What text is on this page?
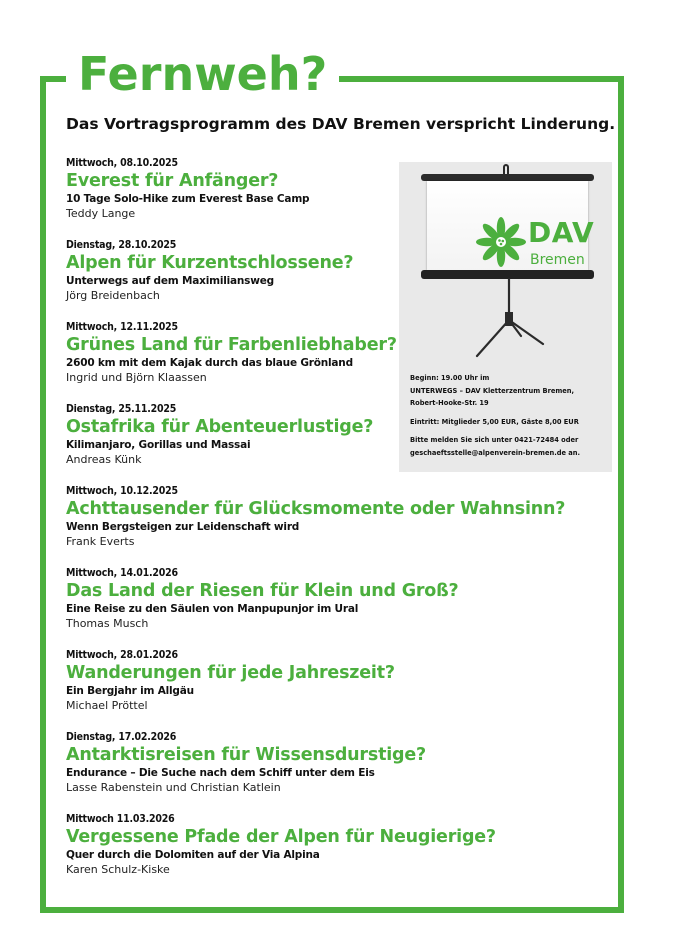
Fernweh?
Das Vortragsprogramm des DAV Bremen verspricht Linderung.
Mittwoch, 08.10.2025
Everest für Anfänger?
10 Tage Solo-Hike zum Everest Base Camp
Teddy Lange
Dienstag, 28.10.2025
Alpen für Kurzentschlossene?
Unterwegs auf dem Maximiliansweg
Jörg Breidenbach
Mittwoch, 12.11.2025
Grünes Land für Farbenliebhaber?
2600 km mit dem Kajak durch das blaue Grönland
Ingrid und Björn Klaassen
Dienstag, 25.11.2025
Ostafrika für Abenteuerlustige?
Kilimanjaro, Gorillas und Massai
Andreas Künk
Mittwoch, 10.12.2025
Achttausender für Glücksmomente oder Wahnsinn?
Wenn Bergsteigen zur Leidenschaft wird
Frank Everts
Mittwoch, 14.01.2026
Das Land der Riesen für Klein und Groß?
Eine Reise zu den Säulen von Manpupunjor im Ural
Thomas Musch
Mittwoch, 28.01.2026
Wanderungen für jede Jahreszeit?
Ein Bergjahr im Allgäu
Michael Pröttel
Dienstag, 17.02.2026
Antarktisreisen für Wissensdurstige?
Endurance – Die Suche nach dem Schiff unter dem Eis
Lasse Rabenstein und Christian Katlein
Mittwoch 11.03.2026
Vergessene Pfade der Alpen für Neugierige?
Quer durch die Dolomiten auf der Via Alpina
Karen Schulz-Kiske
DAV
Bremen
Beginn: 19.00 Uhr im
UNTERWEGS – DAV Kletterzentrum Bremen,
Robert-Hooke-Str. 19
Eintritt: Mitglieder 5,00 EUR, Gäste 8,00 EUR
Bitte melden Sie sich unter 0421-72484 oder
geschaeftsstelle@alpenverein-bremen.de an.
